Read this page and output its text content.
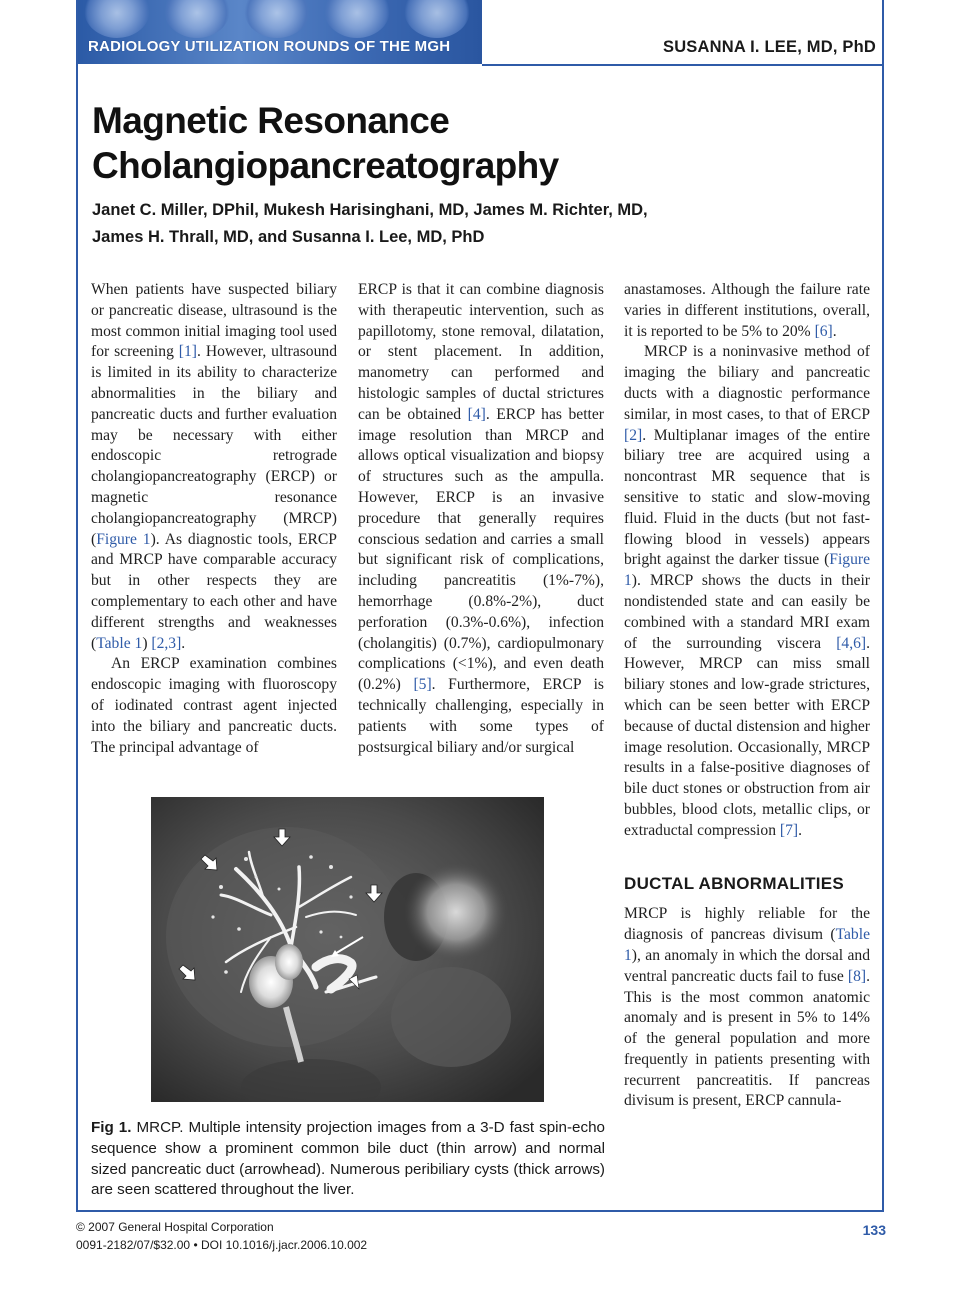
RADIOLOGY UTILIZATION ROUNDS OF THE MGH	SUSANNA I. LEE, MD, PhD

Magnetic Resonance Cholangiopancreatography
Janet C. Miller, DPhil, Mukesh Harisinghani, MD, James M. Richter, MD,
James H. Thrall, MD, and Susanna I. Lee, MD, PhD

When patients have suspected biliary or pancreatic disease, ultrasound is the most common initial imaging tool used for screening [1]. However, ultrasound is limited in its ability to characterize abnormalities in the biliary and pancreatic ducts and further evaluation may be necessary with either endoscopic retrograde cholangiopancreatography (ERCP) or magnetic resonance cholangiopancreatography (MRCP) (Figure 1). As diagnostic tools, ERCP and MRCP have comparable accuracy but in other respects they are complementary to each other and have different strengths and weaknesses (Table 1) [2,3].

An ERCP examination combines endoscopic imaging with fluoroscopy of iodinated contrast agent injected into the biliary and pancreatic ducts. The principal advantage of

ERCP is that it can combine diagnosis with therapeutic intervention, such as papillotomy, stone removal, dilatation, or stent placement. In addition, manometry can performed and histologic samples of ductal strictures can be obtained [4]. ERCP has better image resolution than MRCP and allows optical visualization and biopsy of structures such as the ampulla. However, ERCP is an invasive procedure that generally requires conscious sedation and carries a small but significant risk of complications, including pancreatitis (1%-7%), hemorrhage (0.8%-2%), duct perforation (0.3%-0.6%), infection (cholangitis) (0.7%), cardiopulmonary complications (<1%), and even death (0.2%) [5]. Furthermore, ERCP is technically challenging, especially in patients with some types of postsurgical biliary and/or surgical

anastamoses. Although the failure rate varies in different institutions, overall, it is reported to be 5% to 20% [6].

MRCP is a noninvasive method of imaging the biliary and pancreatic ducts with a diagnostic performance similar, in most cases, to that of ERCP [2]. Multiplanar images of the entire biliary tree are acquired using a noncontrast MR sequence that is sensitive to static and slow-moving fluid. Fluid in the ducts (but not fast-flowing blood in vessels) appears bright against the darker tissue (Figure 1). MRCP shows the ducts in their nondistended state and can easily be combined with a standard MRI exam of the surrounding viscera [4,6]. However, MRCP can miss small biliary stones and low-grade strictures, which can be seen better with ERCP because of ductal distension and higher image resolution. Occasionally, MRCP results in a false-positive diagnoses of bile duct stones or obstruction from air bubbles, blood clots, metallic clips, or extraductal compression [7].

DUCTAL ABNORMALITIES

MRCP is highly reliable for the diagnosis of pancreas divisum (Table 1), an anomaly in which the dorsal and ventral pancreatic ducts fail to fuse [8]. This is the most common anatomic anomaly and is present in 5% to 14% of the general population and more frequently in patients presenting with recurrent pancreatitis. If pancreas divisum is present, ERCP cannula-

Fig 1. MRCP. Multiple intensity projection images from a 3-D fast spin-echo sequence show a prominent common bile duct (thin arrow) and normal sized pancreatic duct (arrowhead). Numerous peribiliary cysts (thick arrows) are seen scattered throughout the liver.

© 2007 General Hospital Corporation

0091-2182/07/$32.00 • DOI 10.1016/j.jacr.2006.10.002

133
